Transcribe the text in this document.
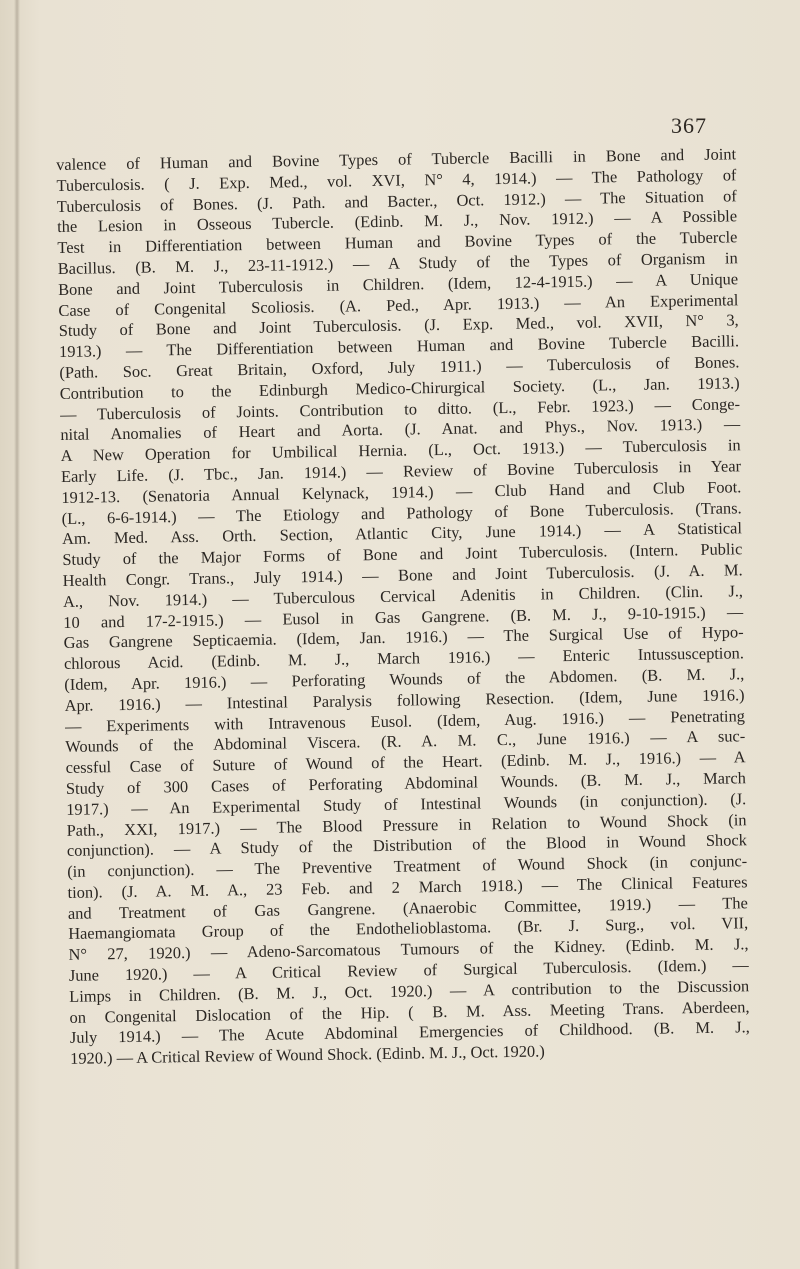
367
valence of Human and Bovine Types of Tubercle Bacilli in Bone and Joint
Tuberculosis. ( J. Exp. Med., vol. XVI, N° 4, 1914.) — The Pathology of
Tuberculosis of Bones. (J. Path. and Bacter., Oct. 1912.) — The Situation of
the Lesion in Osseous Tubercle. (Edinb. M. J., Nov. 1912.) — A Possible
Test in Differentiation between Human and Bovine Types of the Tubercle
Bacillus. (B. M. J., 23-11-1912.) — A Study of the Types of Organism in
Bone and Joint Tuberculosis in Children. (Idem, 12-4-1915.) — A Unique
Case of Congenital Scoliosis. (A. Ped., Apr. 1913.) — An Experimental
Study of Bone and Joint Tuberculosis. (J. Exp. Med., vol. XVII, N° 3,
1913.) — The Differentiation between Human and Bovine Tubercle Bacilli.
(Path. Soc. Great Britain, Oxford, July 1911.) — Tuberculosis of Bones.
Contribution to the Edinburgh Medico-Chirurgical Society. (L., Jan. 1913.)
— Tuberculosis of Joints. Contribution to ditto. (L., Febr. 1923.) — Conge-
nital Anomalies of Heart and Aorta. (J. Anat. and Phys., Nov. 1913.) —
A New Operation for Umbilical Hernia. (L., Oct. 1913.) — Tuberculosis in
Early Life. (J. Tbc., Jan. 1914.) — Review of Bovine Tuberculosis in Year
1912-13. (Senatoria Annual Kelynack, 1914.) — Club Hand and Club Foot.
(L., 6-6-1914.) — The Etiology and Pathology of Bone Tuberculosis. (Trans.
Am. Med. Ass. Orth. Section, Atlantic City, June 1914.) — A Statistical
Study of the Major Forms of Bone and Joint Tuberculosis. (Intern. Public
Health Congr. Trans., July 1914.) — Bone and Joint Tuberculosis. (J. A. M.
A., Nov. 1914.) — Tuberculous Cervical Adenitis in Children. (Clin. J.,
10 and 17-2-1915.) — Eusol in Gas Gangrene. (B. M. J., 9-10-1915.) —
Gas Gangrene Septicaemia. (Idem, Jan. 1916.) — The Surgical Use of Hypo-
chlorous Acid. (Edinb. M. J., March 1916.) — Enteric Intussusception.
(Idem, Apr. 1916.) — Perforating Wounds of the Abdomen. (B. M. J.,
Apr. 1916.) — Intestinal Paralysis following Resection. (Idem, June 1916.)
— Experiments with Intravenous Eusol. (Idem, Aug. 1916.) — Penetrating
Wounds of the Abdominal Viscera. (R. A. M. C., June 1916.) — A suc-
cessful Case of Suture of Wound of the Heart. (Edinb. M. J., 1916.) — A
Study of 300 Cases of Perforating Abdominal Wounds. (B. M. J., March
1917.) — An Experimental Study of Intestinal Wounds (in conjunction). (J.
Path., XXI, 1917.) — The Blood Pressure in Relation to Wound Shock (in
conjunction). — A Study of the Distribution of the Blood in Wound Shock
(in conjunction). — The Preventive Treatment of Wound Shock (in conjunc-
tion). (J. A. M. A., 23 Feb. and 2 March 1918.) — The Clinical Features
and Treatment of Gas Gangrene. (Anaerobic Committee, 1919.) — The
Haemangiomata Group of the Endothelioblastoma. (Br. J. Surg., vol. VII,
N° 27, 1920.) — Adeno-Sarcomatous Tumours of the Kidney. (Edinb. M. J.,
June 1920.) — A Critical Review of Surgical Tuberculosis. (Idem.) —
Limps in Children. (B. M. J., Oct. 1920.) — A contribution to the Discussion
on Congenital Dislocation of the Hip. ( B. M. Ass. Meeting Trans. Aberdeen,
July 1914.) — The Acute Abdominal Emergencies of Childhood. (B. M. J.,
1920.) — A Critical Review of Wound Shock. (Edinb. M. J., Oct. 1920.)
